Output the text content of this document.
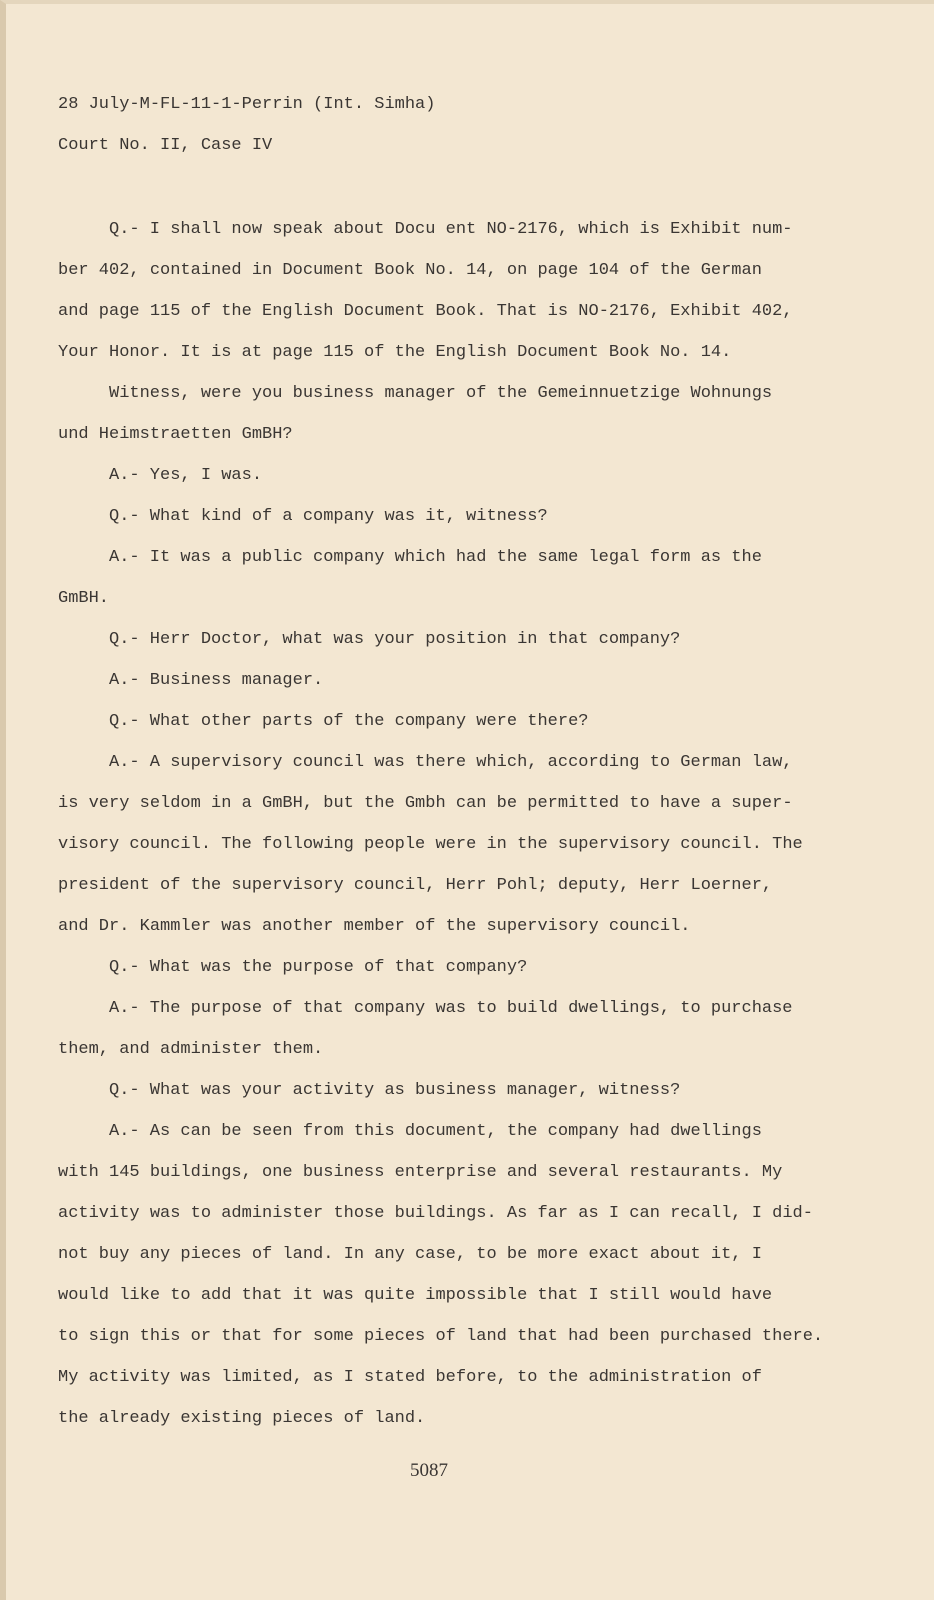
28 July-M-FL-11-1-Perrin (Int. Simha)
Court No. II, Case IV
Q.- I shall now speak about Docu ent NO-2176, which is Exhibit num-
ber 402, contained in Document Book No. 14, on page 104 of the German
and page 115 of the English Document Book. That is NO-2176, Exhibit 402,
Your Honor. It is at page 115 of the English Document Book No. 14.
Witness, were you business manager of the Gemeinnuetzige Wohnungs
und Heimstraetten GmBH?
A.- Yes, I was.
Q.- What kind of a company was it, witness?
A.- It was a public company which had the same legal form as the
GmBH.
Q.- Herr Doctor, what was your position in that company?
A.- Business manager.
Q.- What other parts of the company were there?
A.- A supervisory council was there which, according to German law,
is very seldom in a GmBH, but the Gmbh can be permitted to have a super-
visory council. The following people were in the supervisory council. The
president of the supervisory council, Herr Pohl; deputy, Herr Loerner,
and Dr. Kammler was another member of the supervisory council.
Q.- What was the purpose of that company?
A.- The purpose of that company was to build dwellings, to purchase
them, and administer them.
Q.- What was your activity as business manager, witness?
A.- As can be seen from this document, the company had dwellings
with 145 buildings, one business enterprise and several restaurants. My
activity was to administer those buildings. As far as I can recall, I did-
not buy any pieces of land. In any case, to be more exact about it, I
would like to add that it was quite impossible that I still would have
to sign this or that for some pieces of land that had been purchased there.
My activity was limited, as I stated before, to the administration of
the already existing pieces of land.
5087
